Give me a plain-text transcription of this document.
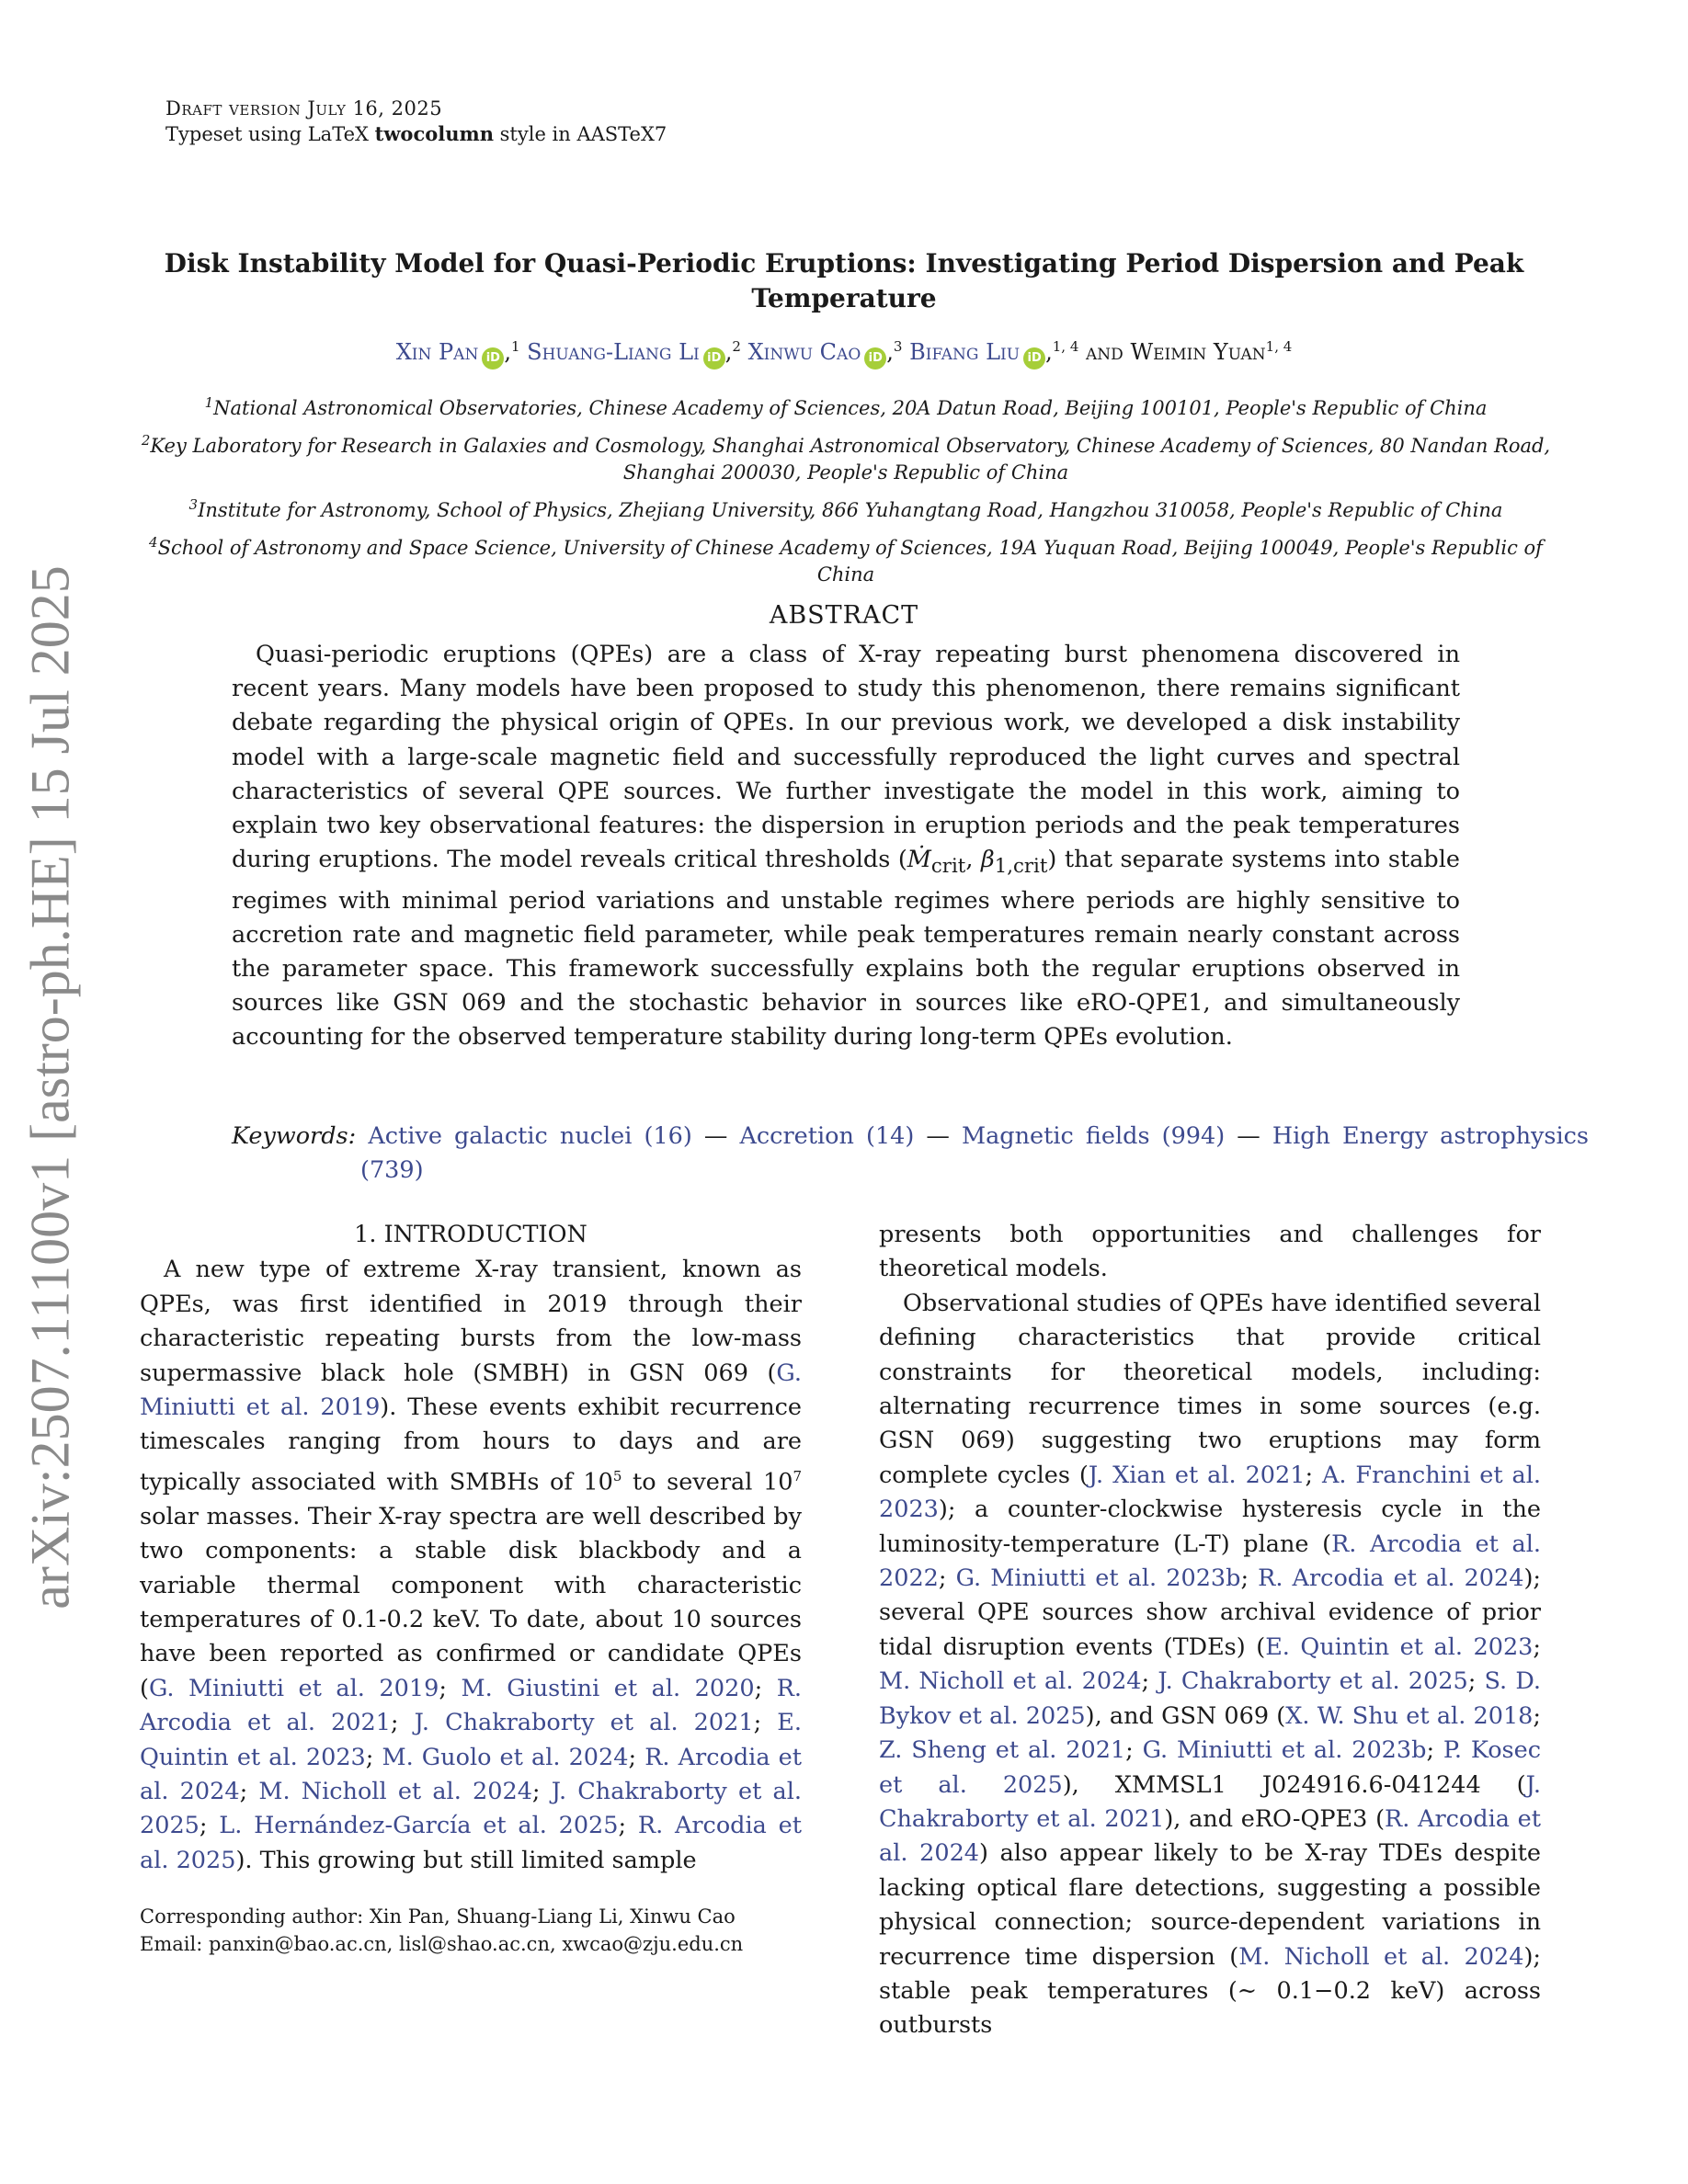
arXiv:2507.11100v1 [astro-ph.HE] 15 Jul 2025
Draft version July 16, 2025
Typeset using LaTeX twocolumn style in AASTeX7
Disk Instability Model for Quasi-Periodic Eruptions: Investigating Period Dispersion and Peak Temperature
Xin Pan iD ,$^1$ Shuang-Liang Li iD ,$^2$ Xinwu Cao iD ,$^3$ Bifang Liu iD ,$^{1, 4}$ and Weimin Yuan$^{1, 4}$
$^1$National Astronomical Observatories, Chinese Academy of Sciences, 20A Datun Road, Beijing 100101, People's Republic of China
$^2$Key Laboratory for Research in Galaxies and Cosmology, Shanghai Astronomical Observatory, Chinese Academy of Sciences, 80 Nandan Road, Shanghai 200030, People's Republic of China
$^3$Institute for Astronomy, School of Physics, Zhejiang University, 866 Yuhangtang Road, Hangzhou 310058, People's Republic of China
$^4$School of Astronomy and Space Science, University of Chinese Academy of Sciences, 19A Yuquan Road, Beijing 100049, People's Republic of China
ABSTRACT
Quasi-periodic eruptions (QPEs) are a class of X-ray repeating burst phenomena discovered in recent years. Many models have been proposed to study this phenomenon, there remains significant debate regarding the physical origin of QPEs. In our previous work, we developed a disk instability model with a large-scale magnetic field and successfully reproduced the light curves and spectral characteristics of several QPE sources. We further investigate the model in this work, aiming to explain two key observational features: the dispersion in eruption periods and the peak temperatures during eruptions. The model reveals critical thresholds (Ṁ$_{crit}$, $\beta_{1,crit}$) that separate systems into stable regimes with minimal period variations and unstable regimes where periods are highly sensitive to accretion rate and magnetic field parameter, while peak temperatures remain nearly constant across the parameter space. This framework successfully explains both the regular eruptions observed in sources like GSN 069 and the stochastic behavior in sources like eRO-QPE1, and simultaneously accounting for the observed temperature stability during long-term QPEs evolution.
Keywords: Active galactic nuclei (16) — Accretion (14) — Magnetic fields (994) — High Energy astrophysics (739)

1. INTRODUCTION

A new type of extreme X-ray transient, known as QPEs, was first identified in 2019 through their characteristic repeating bursts from the low-mass supermassive black hole (SMBH) in GSN 069 (G. Miniutti et al. 2019). These events exhibit recurrence timescales ranging from hours to days and are typically associated with SMBHs of $10^5$ to several $10^7$ solar masses. Their X-ray spectra are well described by two components: a stable disk blackbody and a variable thermal component with characteristic temperatures of 0.1-0.2 keV. To date, about 10 sources have been reported as confirmed or candidate QPEs (G. Miniutti et al. 2019; M. Giustini et al. 2020; R. Arcodia et al. 2021; J. Chakraborty et al. 2021; E. Quintin et al. 2023; M. Guolo et al. 2024; R. Arcodia et al. 2024; M. Nicholl et al. 2024; J. Chakraborty et al. 2025; L. Hernández-García et al. 2025; R. Arcodia et al. 2025). This growing but still limited sample

presents both opportunities and challenges for theoretical models.

Observational studies of QPEs have identified several defining characteristics that provide critical constraints for theoretical models, including: alternating recurrence times in some sources (e.g. GSN 069) suggesting two eruptions may form complete cycles (J. Xian et al. 2021; A. Franchini et al. 2023); a counter-clockwise hysteresis cycle in the luminosity-temperature (L-T) plane (R. Arcodia et al. 2022; G. Miniutti et al. 2023b; R. Arcodia et al. 2024); several QPE sources show archival evidence of prior tidal disruption events (TDEs) (E. Quintin et al. 2023; M. Nicholl et al. 2024; J. Chakraborty et al. 2025; S. D. Bykov et al. 2025), and GSN 069 (X. W. Shu et al. 2018; Z. Sheng et al. 2021; G. Miniutti et al. 2023b; P. Kosec et al. 2025), XMMSL1 J024916.6-041244 (J. Chakraborty et al. 2021), and eRO-QPE3 (R. Arcodia et al. 2024) also appear likely to be X-ray TDEs despite lacking optical flare detections, suggesting a possible physical connection; source-dependent variations in recurrence time dispersion (M. Nicholl et al. 2024); stable peak temperatures (∼ 0.1−0.2 keV) across outbursts

Corresponding author: Xin Pan, Shuang-Liang Li, Xinwu Cao
Email: panxin@bao.ac.cn, lisl@shao.ac.cn, xwcao@zju.edu.cn
